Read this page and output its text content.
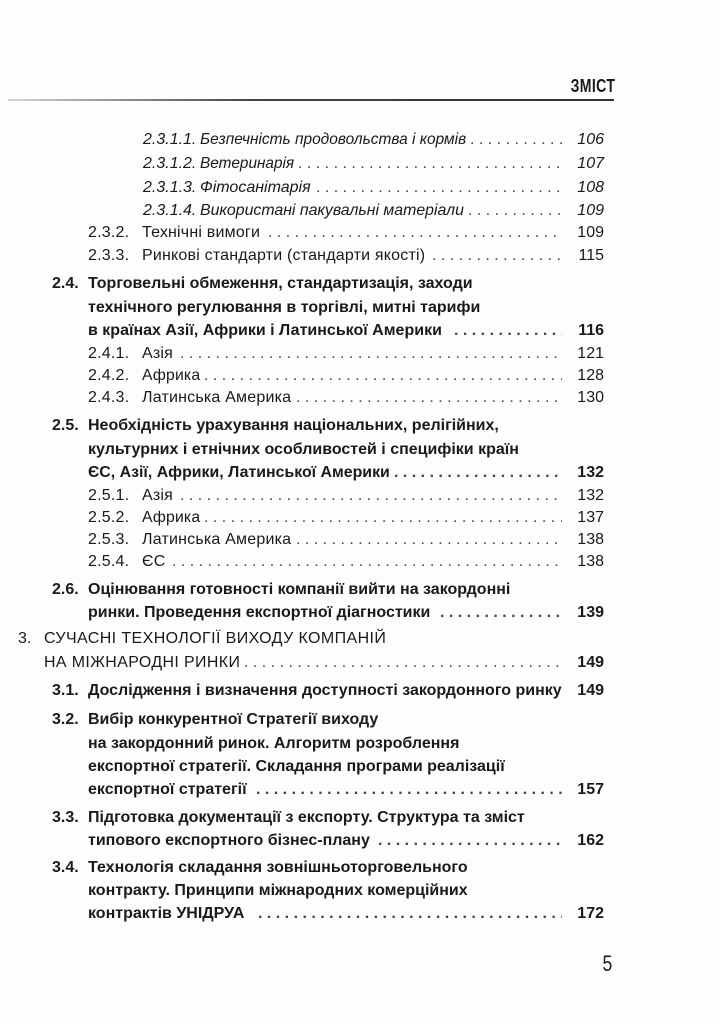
ЗМІСТ
2.3.1.1. Безпечність продовольства і кормів . . .	106
2.3.1.2. Ветеринарія . . .	107
2.3.1.3. Фітосанітарія . . .	108
2.3.1.4. Використані пакувальні матеріали . . .	109
2.3.2. Технічні вимоги . . .	109
2.3.3. Ринкові стандарти (стандарти якості) . . .	115
2.4. Торговельні обмеження, стандартизація, заходи
технічного регулювання в торгівлі, митні тарифи
в країнах Азії, Африки і Латинської Америки . . .	116
2.4.1. Азія . . .	121
2.4.2. Африка . . .	128
2.4.3. Латинська Америка . . .	130
2.5. Необхідність урахування національних, релігійних,
культурних і етнічних особливостей і специфіки країн
ЄС, Азії, Африки, Латинської Америки . . .	132
2.5.1. Азія . . .	132
2.5.2. Африка . . .	137
2.5.3. Латинська Америка . . .	138
2.5.4. ЄС . . .	138
2.6. Оцінювання готовності компанії вийти на закордонні
ринки. Проведення експортної діагностики . . .	139
3. СУЧАСНІ ТЕХНОЛОГІЇ ВИХОДУ КОМПАНІЙ
НА МІЖНАРОДНІ РИНКИ . . .	149
3.1. Дослідження і визначення доступності закордонного ринку 149
3.2. Вибір конкурентної Стратегії виходу
на закордонний ринок. Алгоритм розроблення
експортної стратегії. Складання програми реалізації
експортної стратегії . . .	157
3.3. Підготовка документації з експорту. Структура та зміст
типового експортного бізнес-плану . . .	162
3.4. Технологія складання зовнішньоторговельного
контракту. Принципи міжнародних комерційних
контрактів УНІДРУА . . .	172
5
